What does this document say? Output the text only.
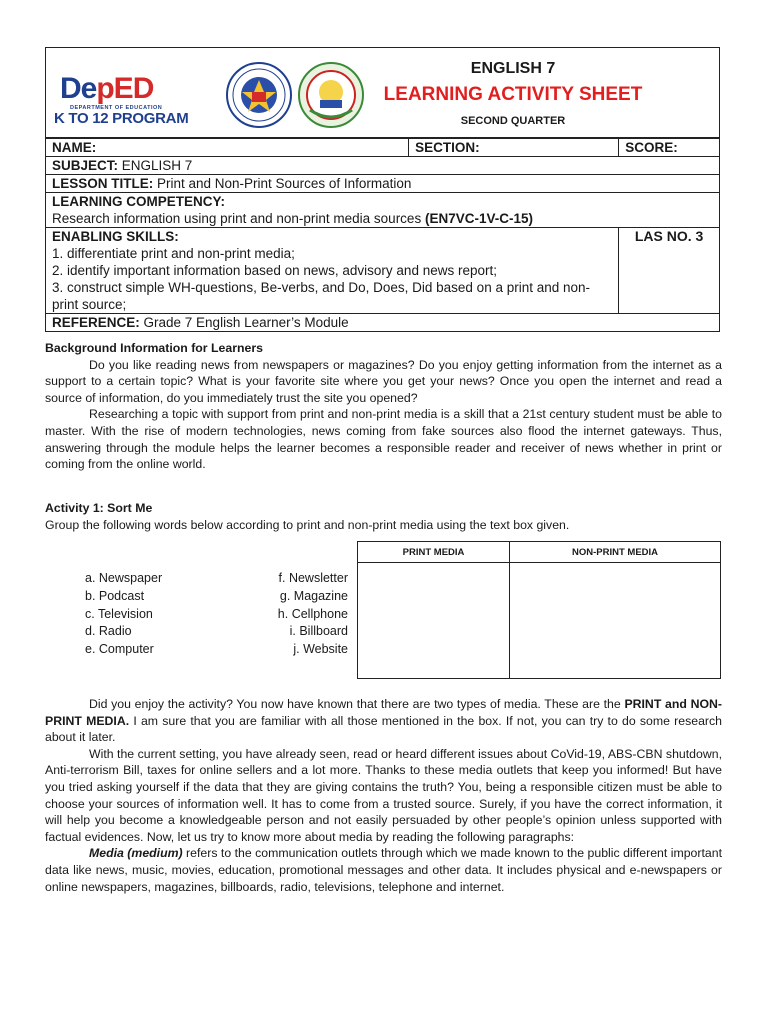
DepED
DEPARTMENT OF EDUCATION
K TO 12 PROGRAM
ENGLISH 7
LEARNING ACTIVITY SHEET
SECOND QUARTER
NAME:	SECTION:	SCORE:
SUBJECT: ENGLISH 7		
LESSON TITLE: Print and Non-Print Sources of Information		

LEARNING COMPETENCY:
Research information using print and non-print media sources (EN7VC-1V-C-15)		

ENABLING SKILLS:
1. differentiate print and non-print media;
2. identify important information based on news, advisory and news report;
3. construct simple WH-questions, Be-verbs, and Do, Does, Did based on a print and non-print source;		LAS NO. 3
REFERENCE: Grade 7 English Learner’s Module		

Background Information for Learners

Do you like reading news from newspapers or magazines? Do you enjoy getting information from the internet as a support to a certain topic? What is your favorite site where you get your news? Once you open the internet and read a source of information, do you immediately trust the site you opened?

Researching a topic with support from print and non-print media is a skill that a 21st century student must be able to master. With the rise of modern technologies, news coming from fake sources also flood the internet gateways. Thus, answering through the module helps the learner becomes a responsible reader and receiver of news whether in print or coming from the online world.

Activity 1: Sort Me

Group the following words below according to print and non-print media using the text box given.

a. Newspaper
b. Podcast
c. Television
d. Radio
e. Computer
f. Newsletter
g. Magazine
h. Cellphone
i. Billboard
j. Website
PRINT MEDIA	NON-PRINT MEDIA

Did you enjoy the activity? You now have known that there are two types of media. These are the PRINT and NON-PRINT MEDIA. I am sure that you are familiar with all those mentioned in the box. If not, you can try to do some research about it later.

With the current setting, you have already seen, read or heard different issues about CoVid-19, ABS-CBN shutdown, Anti-terrorism Bill, taxes for online sellers and a lot more. Thanks to these media outlets that keep you informed! But have you tried asking yourself if the data that they are giving contains the truth? You, being a responsible citizen must be able to choose your sources of information well. It has to come from a trusted source. Surely, if you have the correct information, it will help you become a knowledgeable person and not easily persuaded by other people’s opinion unless supported with factual evidences. Now, let us try to know more about media by reading the following paragraphs:

Media (medium) refers to the communication outlets through which we made known to the public different important data like news, music, movies, education, promotional messages and other data. It includes physical and e-newspapers or online newspapers, magazines, billboards, radio, televisions, telephone and internet.
